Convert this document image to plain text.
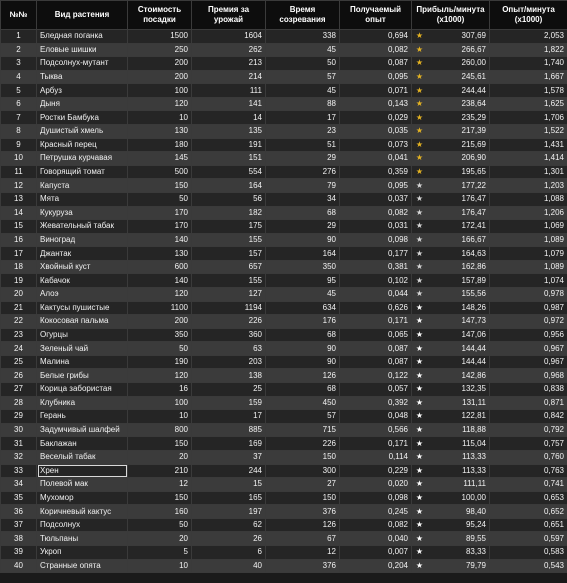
№№	Вид растения	Стоимость посадки	Премия за урожай	Время созревания	Получаемый опыт	Прибыль/минута (x1000)	Опыт/минута (x1000)
1	Бледная поганка	1500	1604	338	0,694	★ 307,69	2,053
2	Еловые шишки	250	262	45	0,082	★ 266,67	1,822
3	Подсолнух-мутант	200	213	50	0,087	★ 260,00	1,740
4	Тыква	200	214	57	0,095	★ 245,61	1,667
5	Арбуз	100	111	45	0,071	★ 244,44	1,578
6	Дыня	120	141	88	0,143	★ 238,64	1,625
7	Ростки Бамбука	10	14	17	0,029	★ 235,29	1,706
8	Душистый хмель	130	135	23	0,035	★ 217,39	1,522
9	Красный перец	180	191	51	0,073	★ 215,69	1,431
10	Петрушка курчавая	145	151	29	0,041	★ 206,90	1,414
11	Говорящий томат	500	554	276	0,359	★ 195,65	1,301
12	Капуста	150	164	79	0,095	★ 177,22	1,203
13	Мята	50	56	34	0,037	★ 176,47	1,088
14	Кукуруза	170	182	68	0,082	★ 176,47	1,206
15	Жевательный табак	170	175	29	0,031	★ 172,41	1,069
16	Виноград	140	155	90	0,098	★ 166,67	1,089
17	Джантак	130	157	164	0,177	★ 164,63	1,079
18	Хвойный куст	600	657	350	0,381	★ 162,86	1,089
19	Кабачок	140	155	95	0,102	★ 157,89	1,074
20	Алоэ	120	127	45	0,044	★ 155,56	0,978
21	Кактусы пушистые	1100	1194	634	0,626	★ 148,26	0,987
22	Кокосовая пальма	200	226	176	0,171	★ 147,73	0,972
23	Огурцы	350	360	68	0,065	★ 147,06	0,956
24	Зеленый чай	50	63	90	0,087	★ 144,44	0,967
25	Малина	190	203	90	0,087	★ 144,44	0,967
26	Белые грибы	120	138	126	0,122	★ 142,86	0,968
27	Корица забористая	16	25	68	0,057	★ 132,35	0,838
28	Клубника	100	159	450	0,392	★ 131,11	0,871
29	Герань	10	17	57	0,048	★ 122,81	0,842
30	Задумчивый шалфей	800	885	715	0,566	★ 118,88	0,792
31	Баклажан	150	169	226	0,171	★ 115,04	0,757
32	Веселый табак	20	37	150	0,114	★ 113,33	0,760
33	Хрен	210	244	300	0,229	★ 113,33	0,763
34	Полевой мак	12	15	27	0,020	★ 111,11	0,741
35	Мухомор	150	165	150	0,098	★ 100,00	0,653
36	Коричневый кактус	160	197	376	0,245	★ 98,40	0,652
37	Подсолнух	50	62	126	0,082	★ 95,24	0,651
38	Тюльпаны	20	26	67	0,040	★ 89,55	0,597
39	Укроп	5	6	12	0,007	★ 83,33	0,583
40	Странные опята	10	40	376	0,204	★ 79,79	0,543
